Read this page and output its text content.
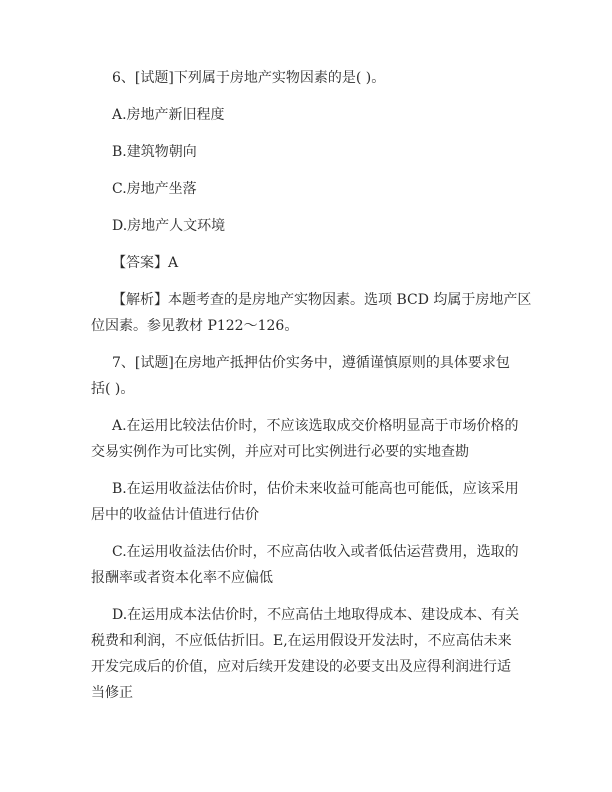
6、[试题]下列属于房地产实物因素的是( )。

A.房地产新旧程度

B.建筑物朝向

C.房地产坐落

D.房地产人文环境

【答案】A

【解析】本题考查的是房地产实物因素。选项 BCD 均属于房地产区
位因素。参见教材 P122～126。

7、[试题]在房地产抵押估价实务中，遵循谨慎原则的具体要求包
括( )。

A.在运用比较法估价时，不应该选取成交价格明显高于市场价格的
交易实例作为可比实例，并应对可比实例进行必要的实地查勘

B.在运用收益法估价时，估价未来收益可能高也可能低，应该采用
居中的收益估计值进行估价

C.在运用收益法估价时，不应高估收入或者低估运营费用，选取的
报酬率或者资本化率不应偏低

D.在运用成本法估价时，不应高估土地取得成本、建设成本、有关
税费和利润，不应低估折旧。E,在运用假设开发法时，不应高估未来
开发完成后的价值，应对后续开发建设的必要支出及应得利润进行适
当修正
